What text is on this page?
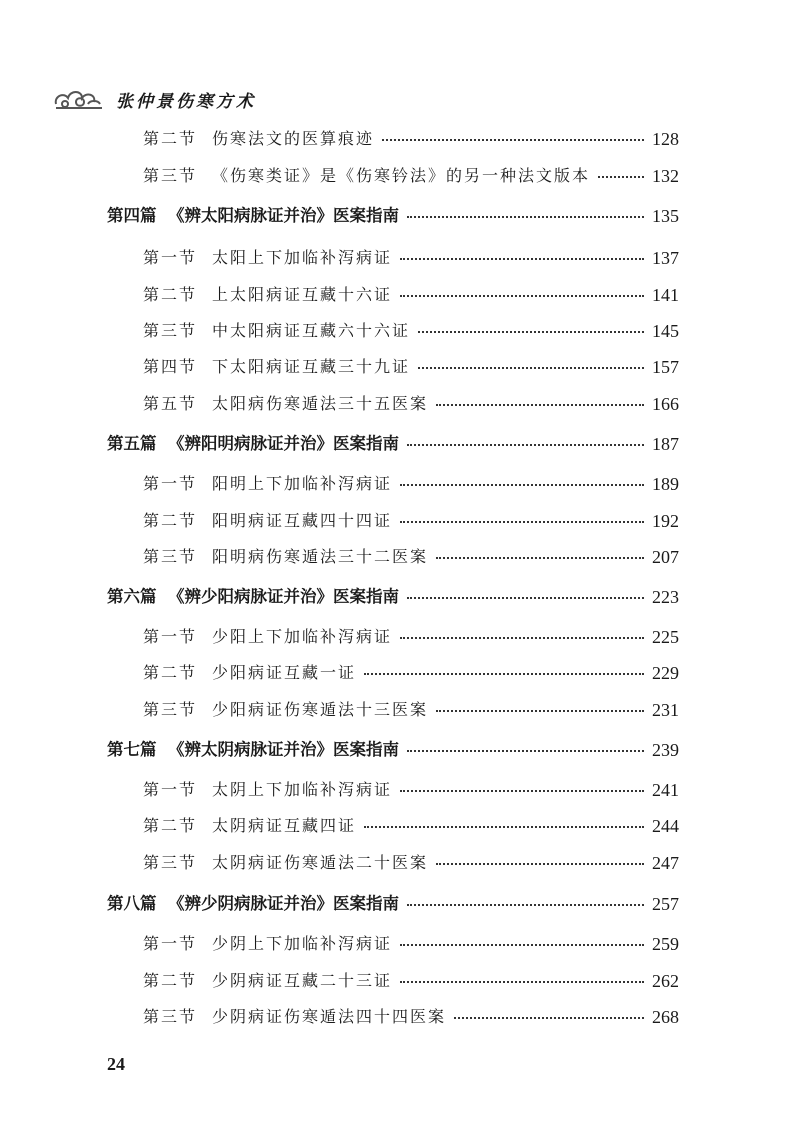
张仲景伤寒方术
第二节 伤寒法文的医算痕迹	128
第三节 《伤寒类证》是《伤寒钤法》的另一种法文版本	132
第四篇 《辨太阳病脉证并治》医案指南	135
第一节 太阳上下加临补泻病证	137
第二节 上太阳病证互藏十六证	141
第三节 中太阳病证互藏六十六证	145
第四节 下太阳病证互藏三十九证	157
第五节 太阳病伤寒遁法三十五医案	166
第五篇 《辨阳明病脉证并治》医案指南	187
第一节 阳明上下加临补泻病证	189
第二节 阳明病证互藏四十四证	192
第三节 阳明病伤寒遁法三十二医案	207
第六篇 《辨少阳病脉证并治》医案指南	223
第一节 少阳上下加临补泻病证	225
第二节 少阳病证互藏一证	229
第三节 少阳病证伤寒遁法十三医案	231
第七篇 《辨太阴病脉证并治》医案指南	239
第一节 太阴上下加临补泻病证	241
第二节 太阴病证互藏四证	244
第三节 太阴病证伤寒遁法二十医案	247
第八篇 《辨少阴病脉证并治》医案指南	257
第一节 少阴上下加临补泻病证	259
第二节 少阴病证互藏二十三证	262
第三节 少阴病证伤寒遁法四十四医案	268
24
